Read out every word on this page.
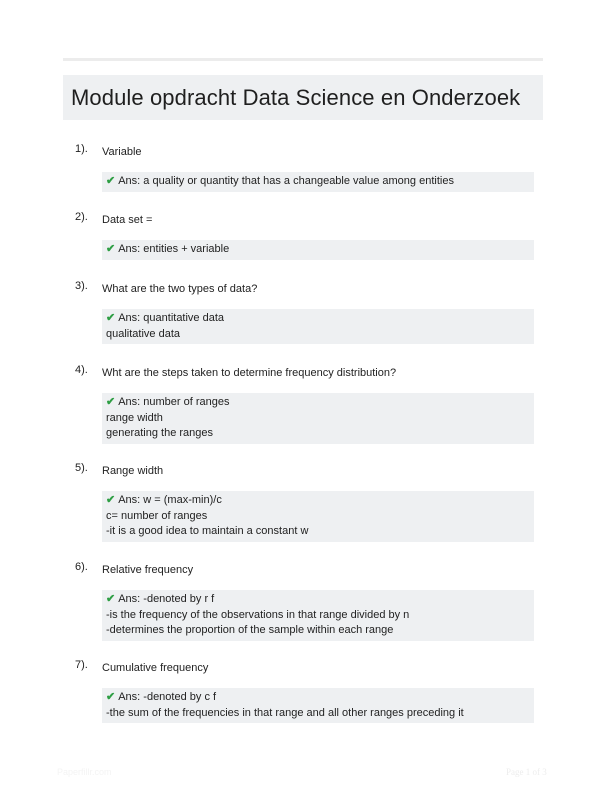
Module opdracht Data Science en Onderzoek
1).	Variable
✔ Ans: a quality or quantity that has a changeable value among entities
2).	Data set =
✔ Ans: entities + variable
3).	What are the two types of data?
✔ Ans: quantitative data
qualitative data
4).	Wht are the steps taken to determine frequency distribution?
✔ Ans: number of ranges
range width
generating the ranges
5).	Range width
✔ Ans: w = (max-min)/c
c= number of ranges
-it is a good idea to maintain a constant w
6).	Relative frequency
✔ Ans: -denoted by r f
-is the frequency of the observations in that range divided by n
-determines the proportion of the sample within each range
7).	Cumulative frequency
✔ Ans: -denoted by c f
-the sum of the frequencies in that range and all other ranges preceding it
Paperfillr.com	Page 1 of 3
